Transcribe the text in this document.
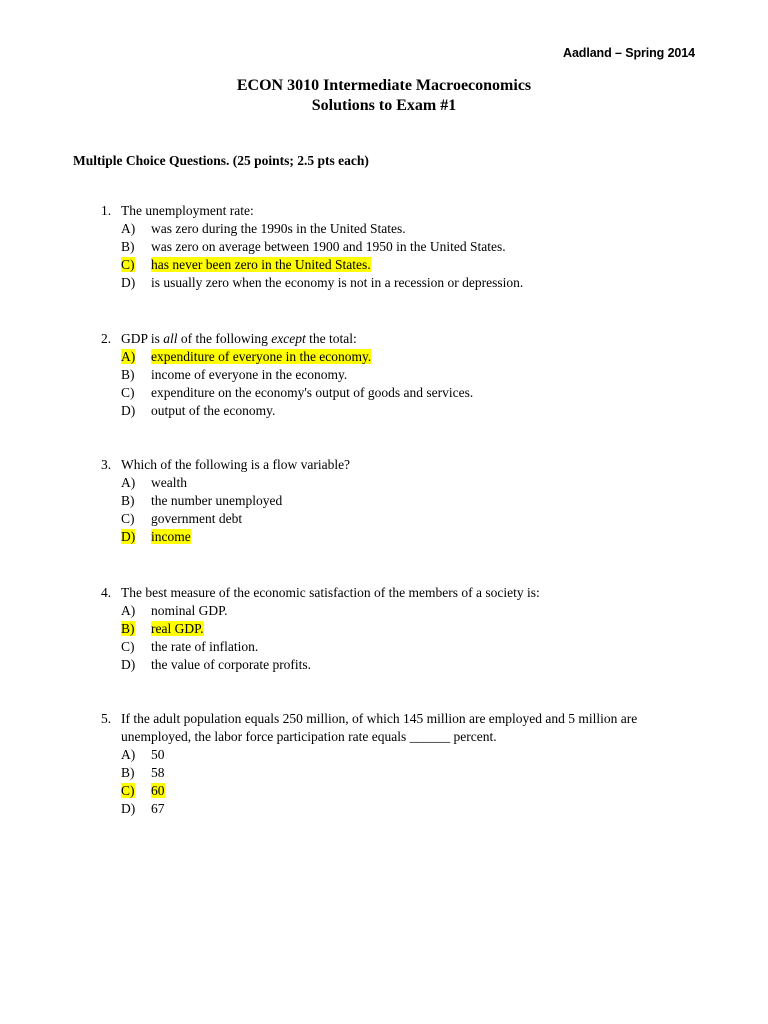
Aadland – Spring 2014
ECON 3010 Intermediate Macroeconomics
Solutions to Exam #1
Multiple Choice Questions. (25 points; 2.5 pts each)
1. The unemployment rate:
A)	was zero during the 1990s in the United States.
B)	was zero on average between 1900 and 1950 in the United States.
C)	has never been zero in the United States.
D)	is usually zero when the economy is not in a recession or depression.
2. GDP is all of the following except the total:
A)	expenditure of everyone in the economy.
B)	income of everyone in the economy.
C)	expenditure on the economy's output of goods and services.
D)	output of the economy.
3. Which of the following is a flow variable?
A)	wealth
B)	the number unemployed
C)	government debt
D)	income
4. The best measure of the economic satisfaction of the members of a society is:
A)	nominal GDP.
B)	real GDP.
C)	the rate of inflation.
D)	the value of corporate profits.
5. If the adult population equals 250 million, of which 145 million are employed and 5 million are unemployed, the labor force participation rate equals ______ percent.
A)	50
B)	58
C)	60
D)	67
